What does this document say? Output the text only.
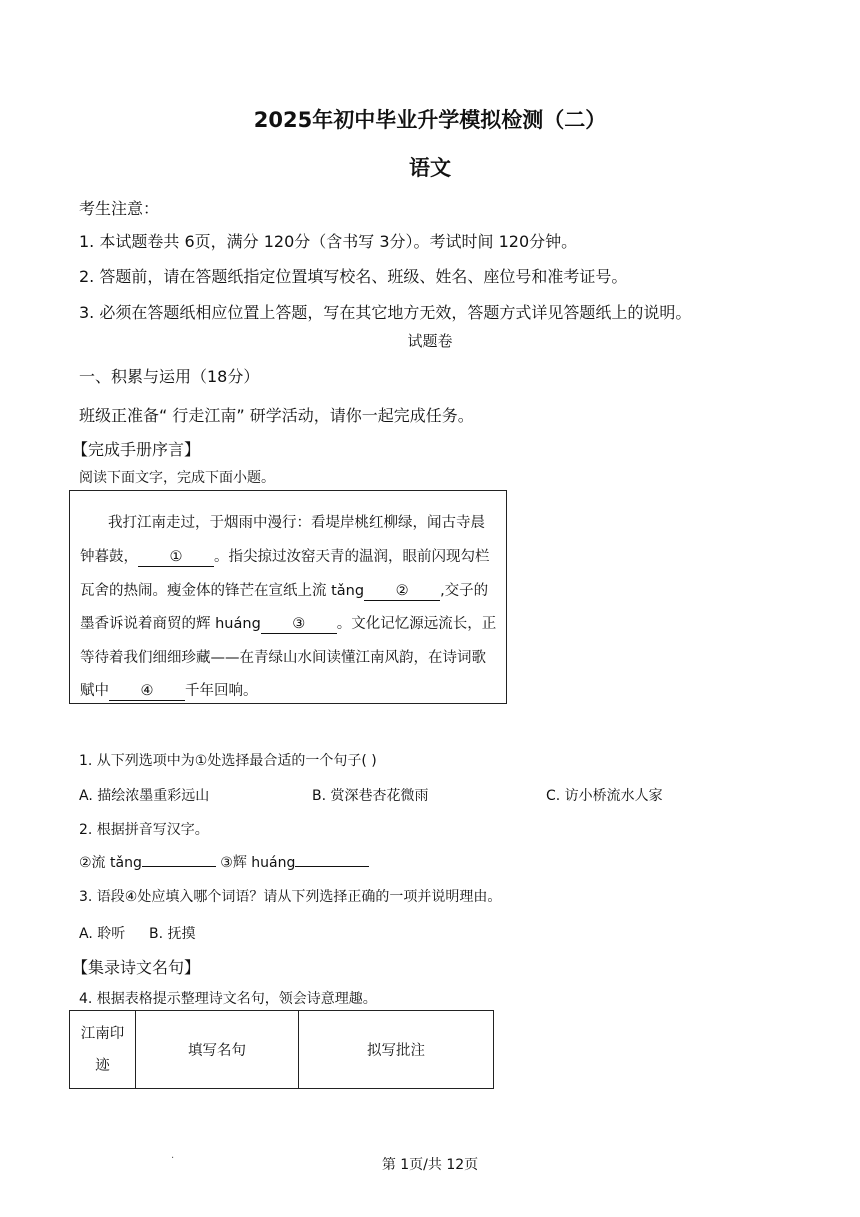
2025年初中毕业升学模拟检测（二）
语文
考生注意：
1. 本试题卷共 6页，满分 120分（含书写 3分）。考试时间 120分钟。
2. 答题前，请在答题纸指定位置填写校名、班级、姓名、座位号和准考证号。
3. 必须在答题纸相应位置上答题，写在其它地方无效，答题方式详见答题纸上的说明。
试题卷
一、积累与运用（18分）
班级正准备“ 行走江南” 研学活动，请你一起完成任务。
【完成手册序言】
阅读下面文字，完成下面小题。
我打江南走过，于烟雨中漫行：看堤岸桃红柳绿，闻古寺晨
钟暮鼓， ① 。指尖掠过汝窑天青的温润，眼前闪现勾栏
瓦舍的热闹。瘦金体的锋芒在宣纸上流 tǎng ② ,交子的
墨香诉说着商贸的辉 huáng ③ 。文化记忆源远流长，正
等待着我们细细珍藏——在青绿山水间读懂江南风韵，在诗词歌
赋中 ④ 千年回响。
1. 从下列选项中为①处选择最合适的一个句子( )
A. 描绘浓墨重彩远山	B. 赏深巷杏花微雨	C. 访小桥流水人家
2. 根据拼音写汉字。
②流 tǎng	③辉 huáng
3. 语段④处应填入哪个词语？请从下列选择正确的一项并说明理由。
A. 聆听 B. 抚摸
【集录诗文名句】
4. 根据表格提示整理诗文名句，领会诗意理趣。
江南印
迹	填写名句	拟写批注
.
第 1页/共 12页
